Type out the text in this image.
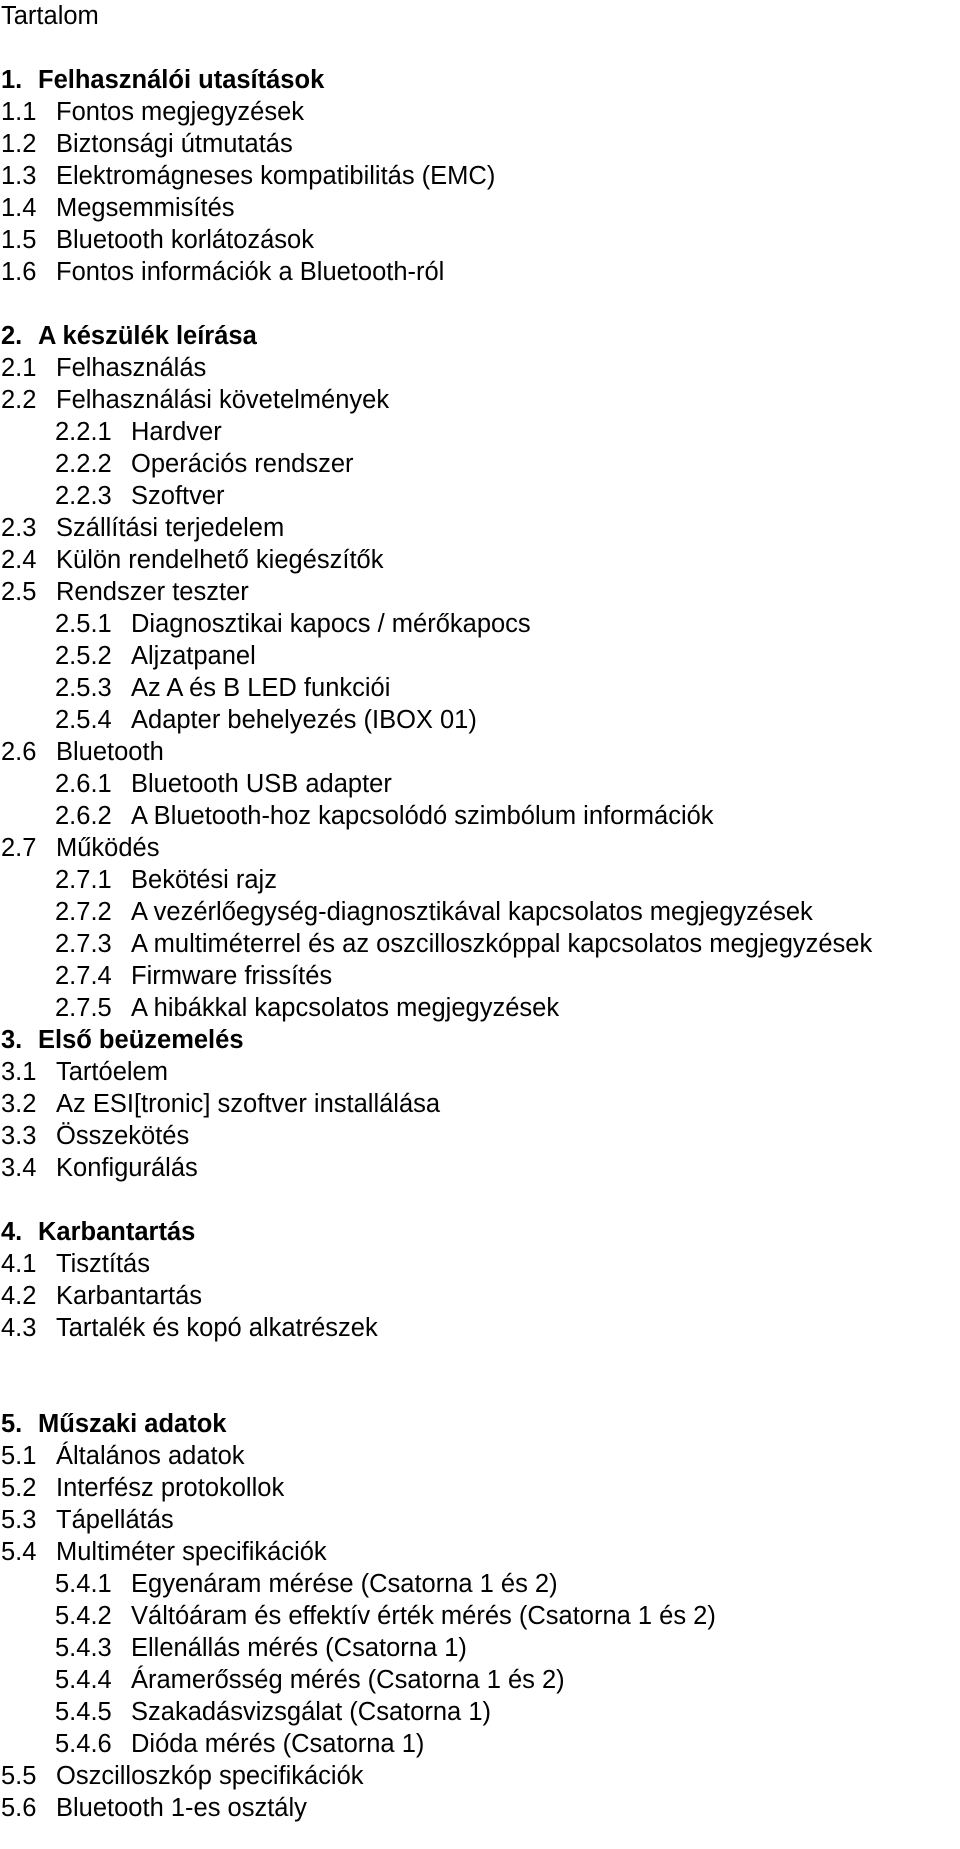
Tartalom
1. Felhasználói utasítások
1.1 Fontos megjegyzések
1.2 Biztonsági útmutatás
1.3 Elektromágneses kompatibilitás (EMC)
1.4 Megsemmisítés
1.5 Bluetooth korlátozások
1.6 Fontos információk a Bluetooth-ról
2. A készülék leírása
2.1 Felhasználás
2.2 Felhasználási követelmények
2.2.1 Hardver
2.2.2 Operációs rendszer
2.2.3 Szoftver
2.3 Szállítási terjedelem
2.4 Külön rendelhető kiegészítők
2.5 Rendszer teszter
2.5.1 Diagnosztikai kapocs / mérőkapocs
2.5.2 Aljzatpanel
2.5.3 Az A és B LED funkciói
2.5.4 Adapter behelyezés (IBOX 01)
2.6 Bluetooth
2.6.1 Bluetooth USB adapter
2.6.2 A Bluetooth-hoz kapcsolódó szimbólum információk
2.7 Működés
2.7.1 Bekötési rajz
2.7.2 A vezérlőegység-diagnosztikával kapcsolatos megjegyzések
2.7.3 A multiméterrel és az oszcilloszkóppal kapcsolatos megjegyzések
2.7.4 Firmware frissítés
2.7.5 A hibákkal kapcsolatos megjegyzések
3. Első beüzemelés
3.1 Tartóelem
3.2 Az ESI[tronic] szoftver installálása
3.3 Összekötés
3.4 Konfigurálás
4. Karbantartás
4.1 Tisztítás
4.2 Karbantartás
4.3 Tartalék és kopó alkatrészek
5. Műszaki adatok
5.1 Általános adatok
5.2 Interfész protokollok
5.3 Tápellátás
5.4 Multiméter specifikációk
5.4.1 Egyenáram mérése (Csatorna 1 és 2)
5.4.2 Váltóáram és effektív érték mérés (Csatorna 1 és 2)
5.4.3 Ellenállás mérés (Csatorna 1)
5.4.4 Áramerősség mérés (Csatorna 1 és 2)
5.4.5 Szakadásvizsgálat (Csatorna 1)
5.4.6 Dióda mérés (Csatorna 1)
5.5 Oszcilloszkóp specifikációk
5.6 Bluetooth 1-es osztály
